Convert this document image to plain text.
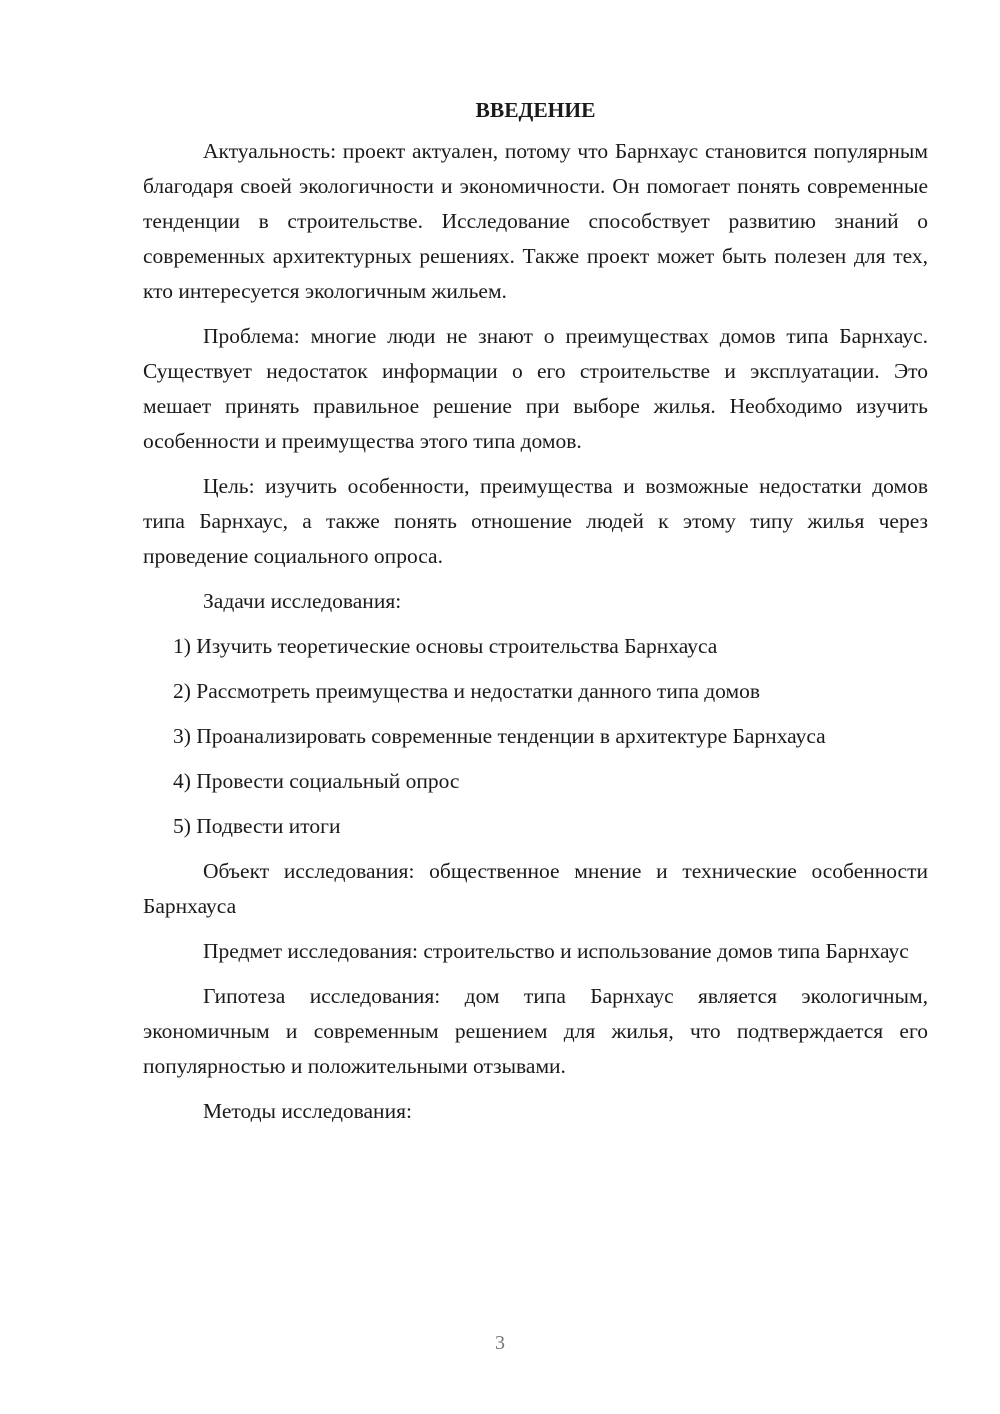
ВВЕДЕНИЕ

Актуальность: проект актуален, потому что Барнхаус становится популярным благодаря своей экологичности и экономичности. Он помогает понять современные тенденции в строительстве. Исследование способствует развитию знаний о современных архитектурных решениях. Также проект может быть полезен для тех, кто интересуется экологичным жильем.

Проблема: многие люди не знают о преимуществах домов типа Барнхаус. Существует недостаток информации о его строительстве и эксплуатации. Это мешает принять правильное решение при выборе жилья. Необходимо изучить особенности и преимущества этого типа домов.

Цель: изучить особенности, преимущества и возможные недостатки домов типа Барнхаус, а также понять отношение людей к этому типу жилья через проведение социального опроса.

Задачи исследования:

1) Изучить теоретические основы строительства Барнхауса

2) Рассмотреть преимущества и недостатки данного типа домов

3) Проанализировать современные тенденции в архитектуре Барнхауса

4) Провести социальный опрос

5) Подвести итоги

Объект исследования: общественное мнение и технические особенности Барнхауса

Предмет исследования: строительство и использование домов типа Барнхаус

Гипотеза исследования: дом типа Барнхаус является экологичным, экономичным и современным решением для жилья, что подтверждается его популярностью и положительными отзывами.

Методы исследования:

3
